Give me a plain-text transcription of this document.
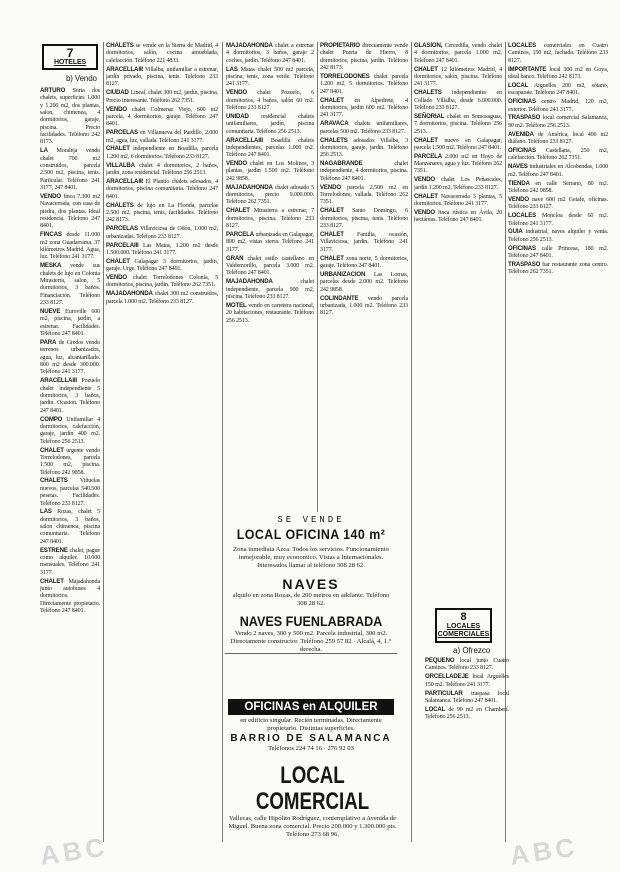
7
HOTELES
b) Vendo
ARTURO Soria dos chalets, superficies 1.000 y 1.200 m2, dos plantas, salon, chimenea, 4 dormitorios, garaje, piscina. Precio facilidades. Teléfono 242 8173.
LA Moraleja vendo chalet 700 m2 construidos, parcela 2.500 m2, piscina, tenis. Particular. Teléfono 241 3177, 247 8401.
VENDO finca 7.300 m2 Navacerrada, con casa de piedra, dos plantas. Ideal residencia. Telefono 247 8401.
FINCAS desde 11.000 m2 zona Guadarrama. 37 kilómetros Madrid. Agua, luz. Teléfono 241 3177.
MESKA vende sus chalets de lujo en Colonia Mirasierra, salon, 5 dormitorios, 3 baños. Financiación. Teléfono 233 8127.
NUEVE Euroville 600 m2, piscina, jardin, a estrenar. Facilidades. Teléfono 247 8401.
PARA de Gredos vendo terrenos urbanizados, agua, luz, alcantarillado. 800 m2 desde 300.000. Teléfono 241 3177.
ARACELLAIII Pozuelo chalet independiente 5 dormitorios, 3 baños, jardin. Ocasion. Teléfono 247 8401.
COMPO Unifamiliar 4 dormitorios, calefacción, garaje, jardín 400 m2. Teléfono 256 2513.
CHALET urgente vendo Torrelodones, parcela 1.500 m2, piscina. Teléfono 242 9858.
CHALETS Viñuelas nuevos, parcelas 540.500 pesetas. Facilidades. Teléfono 233 8127.
LAS Rozas, chalet 5 dormitorios, 3 baños, salon chimenea, piscina comunitaria. Teléfono 247 8401.
ESTRENE chalet, pague como alquiler. 10.000 mensuales. Teléfono 241 3177.
CHALET Majadahonda junto autobuses 4 dormitorios. Directamente propietario. Teléfono 247 8401.
CHALETS se vende en la Sierra de Madrid, 4 dormitorios, salón, cocina amueblada, calefacción. Teléfono 221 4833.
ARACELLAIII Villalba, unifamiliar a estrenar, jardín privado, piscina, tenis. Teléfono 233 8127.
CIUDAD Lineal, chalet 300 m2, jardín, piscina. Precio interesante. Teléfono 262 7351.
VENDO chalet Colmenar Viejo, 600 m2 parcela, 4 dormitorios, garaje. Teléfono 247 8401.
PARCELAS en Villanueva del Pardillo, 2.000 m2, agua, luz, vallada. Teléfono 241 3177.
CHALET independiente en Boadilla, parcela 1.200 m2, 6 dormitorios. Teléfono 233 8127.
VILLALBA chalet 4 dormitorios, 2 baños, jardin, zona residencial. Teléfono 256 2513.
ARACELLAIII El Plantío chalets adosados, 4 dormitorios, piscina comunitaria. Teléfono 247 8401.
CHALETS de lujo en La Florida, parcelas 2.500 m2, piscina, tenis, facilidades. Teléfono 242 8173.
PARCELAS Villaviciosa de Odón, 1.000 m2, urbanizadas. Teléfono 233 8127.
PARCELAIII Las Matas, 1.200 m2 desde 1.500.000. Teléfono 241 3177.
CHALET Galapagar 3 dormitorios, jardin, garaje. Urge. Teléfono 247 8401.
VENDO chalet Torrelodones Colonia, 5 dormitorios, piscina, jardin. Teléfono 262 7351.
MAJADAHONDA chalet 300 m2 construidos, parcela 1.000 m2. Teléfono 233 8127.
MAJADAHONDA chalet a estrenar 4 dormitorios, 3 baños, garaje 2 coches, jardin. Teléfono 247 8401.
LAS Matas chalet 500 m2 parcela, piscina, tenis, zona verde. Teléfono 241 3177.
VENDO chalet Pozuelo, 6 dormitorios, 4 baños, salón 60 m2. Teléfono 233 8127.
UNIDAD residencial chalets unifamiliares, jardín, piscina comunitaria. Teléfono 256 2513.
ARACELLAIII Boadilla chalets independientes, parcelas 1.000 m2. Teléfono 247 8401.
VENDO chalet en Los Molinos, 3 plantas, jardin 1.500 m2. Teléfono 242 9858.
MAJADAHONDA chalet adosado 5 dormitorios, precio 9.000.000. Teléfono 262 7351.
CHALET Mirasierra a estrenar, 7 dormitorios, piscina. Teléfono 233 8127.
PARCELA urbanizada en Galapagar, 800 m2, vistas sierra. Teléfono 241 3177.
GRAN chalet estilo castellano en Valdemorillo, parcela 3.000 m2. Teléfono 247 8401.
MAJADAHONDA	chalet independiente, parcela 900 m2, piscina. Teléfono 233 8127.
MOTEL vendo en carretera nacional, 20 habitaciones, restaurante. Teléfono 256 2513.
PROPIETARIO directamente vende chalet Puerta de Hierro, 8 dormitorios, piscina, jardin. Teléfono 242 8173.
TORRELODONES chalet parcela 1.200 m2, 5 dormitorios. Teléfono 247 8401.
CHALET en Alpedrete, 4 dormitorios, jardin 600 m2. Teléfono 241 3177.
ARAVACA chalets unifamiliares, parcelas 500 m2. Teléfono 233 8127.
CHALETS adosados Villalba, 3 dormitorios, garaje, jardin. Teléfono 256 2513.
NAGABRANDE	chalet independiente, 4 dormitorios, piscina. Teléfono 247 8401.
VENDO parcela 2.500 m2 en Torrelodones, vallada. Teléfono 262 7351.
CHALET Santo Domingo, 6 dormitorios, piscina, tenis. Teléfono 233 8127.
CHALET Familia, ocasión, Villaviciosa, jardin. Teléfono 241 3177.
CHALET zona norte, 5 dormitorios, garaje. Teléfono 247 8401.
URBANIZACION Las Lomas, parcelas desde 2.000 m2. Teléfono 242 9858.
COLINDANTE vendo parcela urbanizada, 1.000 m2. Teléfono 233 8127.
GLASION, Cercedilla, vendo chalet 4 dormitorios, parcela 1.000 m2. Teléfono 247 8401.
CHALET 12 kilómetros Madrid, 4 dormitorios, salón, piscina. Teléfono 241 3177.
CHALETS independientes en Collado Villalba, desde 6.000.000. Teléfono 233 8127.
SEÑORIAL chalet en Somosaguas, 7 dormitorios, piscina. Teléfono 256 2513.
CHALET nuevo en Galapagar, parcela 1.500 m2. Teléfono 247 8401.
PARCELA 2.000 m2 en Hoyo de Manzanares, agua y luz. Teléfono 262 7351.
VENDO chalet Los Peñascales, jardín 1.200 m2. Teléfono 233 8127.
CHALET Navacerrada 3 plantas, 5 dormitorios. Teléfono 241 3177.
VENDO finca rústica en Ávila, 20 hectáreas. Teléfono 247 8401.
LOCALES comerciales en Cuatro Caminos, 150 m2, fachada. Teléfono 233 8127.
IMPORTANTE local 300 m2 en Goya, ideal banco. Teléfono 242 8173.
LOCAL Arguelles 200 m2, sótano, escaparate. Teléfono 247 8401.
OFICINAS centro Madrid, 120 m2, exterior. Teléfono 241 3177.
TRASPASO local comercial Salamanca, 90 m2. Teléfono 256 2513.
AVENIDA de América, local 400 m2 diáfano. Teléfono 233 8127.
OFICINAS Castellana, 250 m2, calefacción. Teléfono 262 7351.
NAVES industriales en Alcobendas, 1.000 m2. Teléfono 247 8401.
TIENDA en calle Serrano, 80 m2. Teléfono 242 9858.
VENDO nave 600 m2 Getafe, oficinas. Teléfono 233 8127.
LOCALES Moncloa desde 60 m2. Teléfono 241 3177.
GUIA industrial, naves alquiler y venta. Teléfono 256 2513.
OFICINAS calle Princesa, 180 m2. Teléfono 247 8401.
TRASPASO bar restaurante zona centro. Teléfono 262 7351.
SE VENDE
LOCAL OFICINA 140 m²
Zona inmediata Azca. Todos los servicios. Funcionamiento inmejorable, muy economico. Vistas a Internacionales. Interesados llamar al teléfono 308 28 62.
NAVES
alquilo en zona Rozas, de 200 metros en adelante. Teléfono 308 28 62.
NAVES FUENLABRADA
Vendo 2 naves, 300 y 500 m2. Parcela industrial, 300 m2. Directamente constructor. Teléfono 259 57 82 · Alcalá, 4, 1.° derecha.
OFICINAS en ALQUILER
en edificio singular. Recién terminadas. Directamente propietario. Distintas superficies.
BARRIO DE SALAMANCA
Teléfonos 224 74 16 · 276 92 03
LOCAL COMERCIAL
Vallecas, calle Hipólito Rodríguez, contemplativo a Avenida de Miguel. Buena zona comercial. Precio 200.000 y 1.300.000 pts. Teléfono 273 68 96.
8
LOCALES COMERCIALES
a) Ofrezco
PEQUEÑO local junto Cuatro Caminos. Teléfono 233 8127.
ORCELLADEJE local Arguelles 150 m2. Teléfono 241 3177.
PARTICULAR traspasa local Salamanca. Teléfono 247 8401.
LOCAL de 90 m2 en Chamberí. Teléfono 256 2513.
ABC	ABC
